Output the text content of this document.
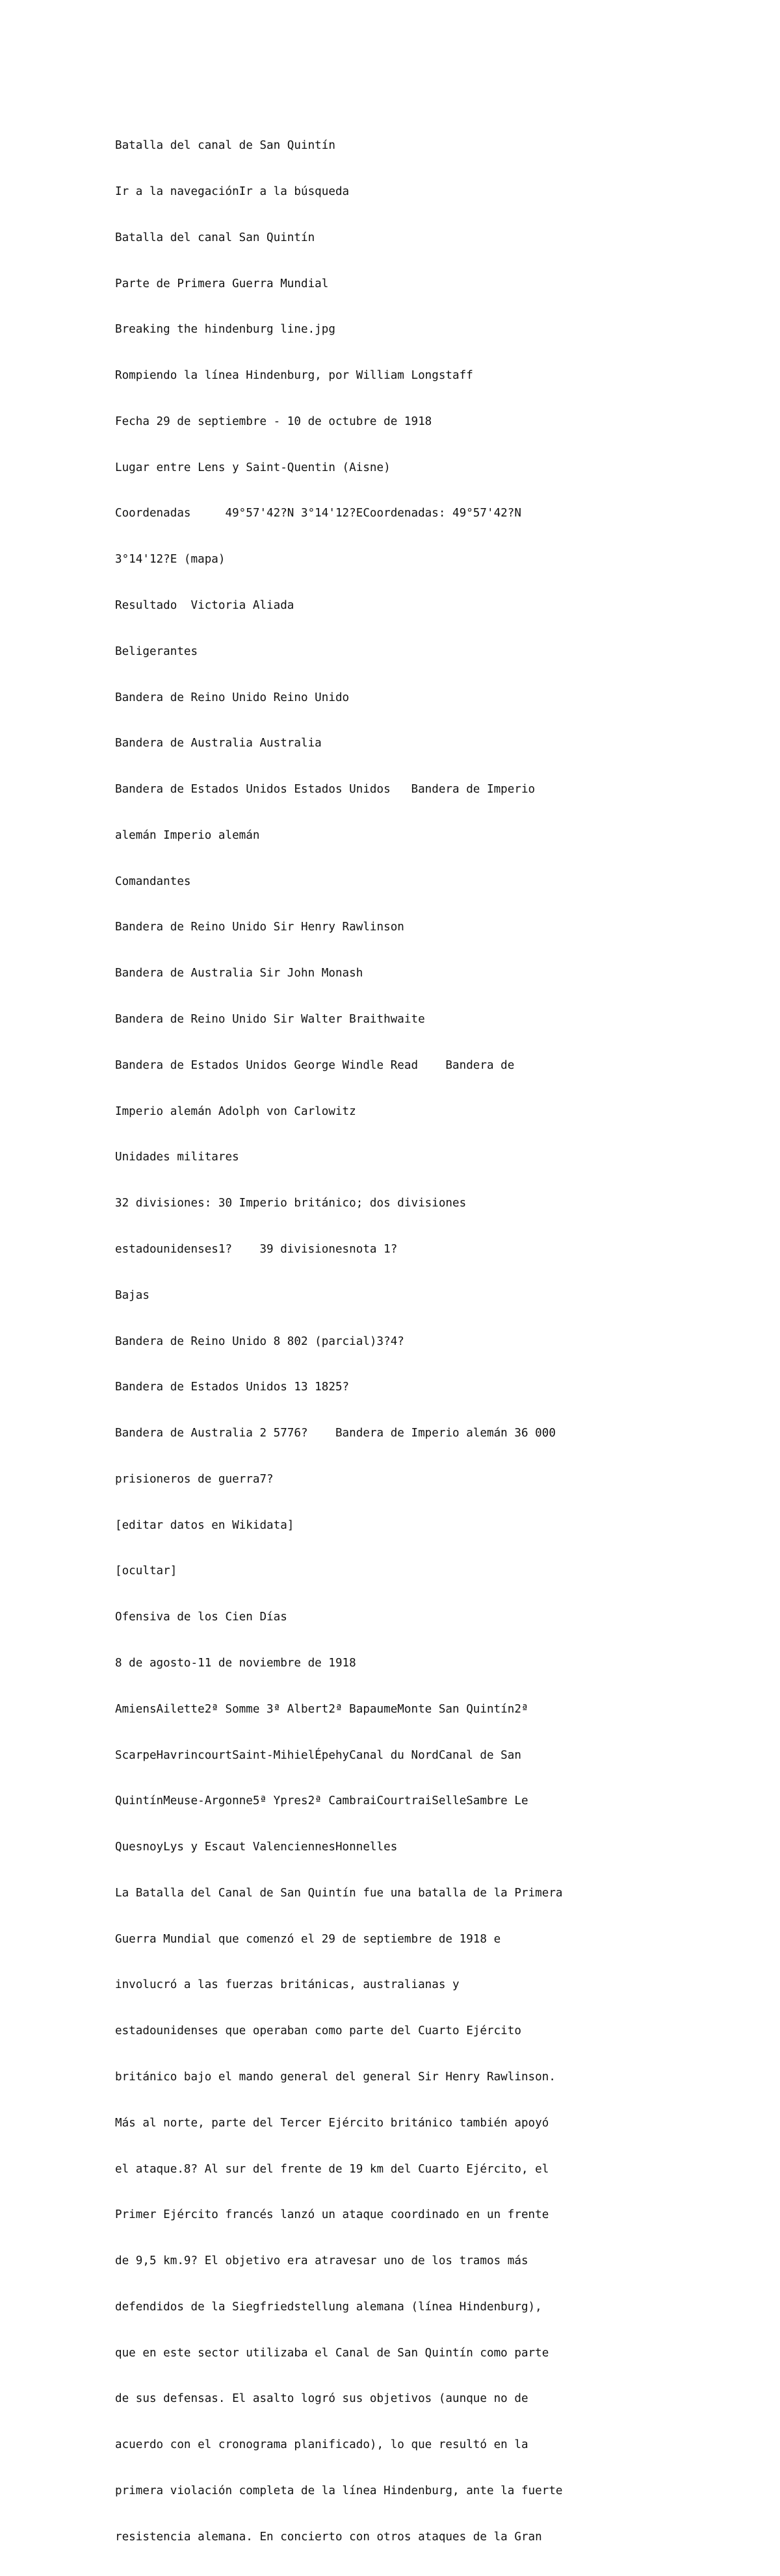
Batalla del canal de San Quintín

Ir a la navegaciónIr a la búsqueda

Batalla del canal San Quintín

Parte de Primera Guerra Mundial

Breaking the hindenburg line.jpg

Rompiendo la línea Hindenburg, por William Longstaff

Fecha 29 de septiembre - 10 de octubre de 1918

Lugar entre Lens y Saint-Quentin (Aisne)

Coordenadas     49°57'42?N 3°14'12?ECoordenadas: 49°57'42?N

3°14'12?E (mapa)

Resultado  Victoria Aliada

Beligerantes

Bandera de Reino Unido Reino Unido

Bandera de Australia Australia

Bandera de Estados Unidos Estados Unidos   Bandera de Imperio

alemán Imperio alemán

Comandantes

Bandera de Reino Unido Sir Henry Rawlinson

Bandera de Australia Sir John Monash

Bandera de Reino Unido Sir Walter Braithwaite

Bandera de Estados Unidos George Windle Read    Bandera de

Imperio alemán Adolph von Carlowitz

Unidades militares

32 divisiones: 30 Imperio británico; dos divisiones

estadounidenses1?    39 divisionesnota 1?

Bajas

Bandera de Reino Unido 8 802 (parcial)3?4?

Bandera de Estados Unidos 13 1825?

Bandera de Australia 2 5776?    Bandera de Imperio alemán 36 000

prisioneros de guerra7?

[editar datos en Wikidata]

[ocultar]

Ofensiva de los Cien Días

8 de agosto-11 de noviembre de 1918

AmiensAilette2ª Somme 3ª Albert2ª BapaumeMonte San Quintín2ª

ScarpeHavrincourtSaint-MihielÉpehyCanal du NordCanal de San

QuintínMeuse-Argonne5ª Ypres2ª CambraiCourtraiSelleSambre Le

QuesnoyLys y Escaut ValenciennesHonnelles

La Batalla del Canal de San Quintín fue una batalla de la Primera

Guerra Mundial que comenzó el 29 de septiembre de 1918 e

involucró a las fuerzas británicas, australianas y

estadounidenses que operaban como parte del Cuarto Ejército

británico bajo el mando general del general Sir Henry Rawlinson.

Más al norte, parte del Tercer Ejército británico también apoyó

el ataque.8? Al sur del frente de 19 km del Cuarto Ejército, el

Primer Ejército francés lanzó un ataque coordinado en un frente

de 9,5 km.9? El objetivo era atravesar uno de los tramos más

defendidos de la Siegfriedstellung alemana (línea Hindenburg),

que en este sector utilizaba el Canal de San Quintín como parte

de sus defensas. El asalto logró sus objetivos (aunque no de

acuerdo con el cronograma planificado), lo que resultó en la

primera violación completa de la línea Hindenburg, ante la fuerte

resistencia alemana. En concierto con otros ataques de la Gran
